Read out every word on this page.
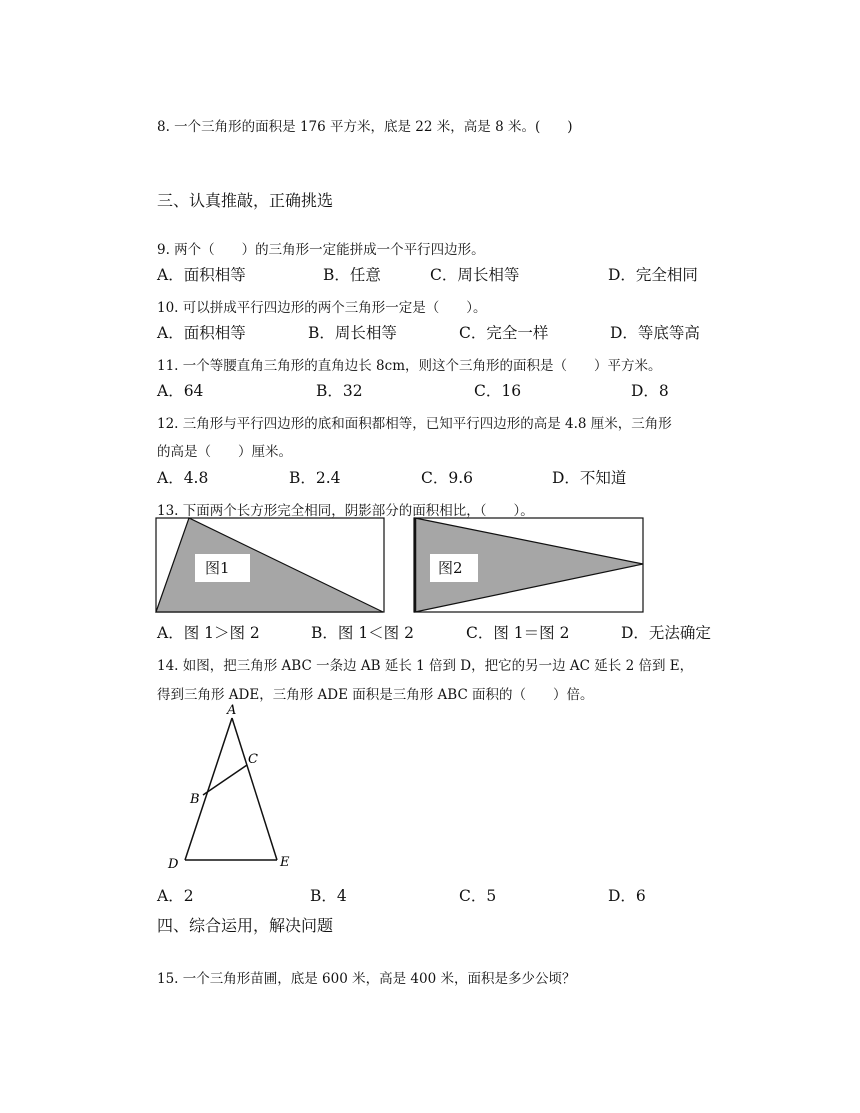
8. 一个三角形的面积是 176 平方米，底是 22 米，高是 8 米。(　　)
三、认真推敲，正确挑选
9. 两个（　　）的三角形一定能拼成一个平行四边形。
A．面积相等	B．任意	C．周长相等	D．完全相同
10. 可以拼成平行四边形的两个三角形一定是（　　）。
A．面积相等	B．周长相等	C．完全一样	D．等底等高
11. 一个等腰直角三角形的直角边长 8cm，则这个三角形的面积是（　　）平方米。
A．64	B．32	C．16	D．8
12. 三角形与平行四边形的底和面积都相等，已知平行四边形的高是 4.8 厘米，三角形
的高是（　　）厘米。
A．4.8	B．2.4	C．9.6	D．不知道
13. 下面两个长方形完全相同，阴影部分的面积相比，（　　）。
图1	图2
A．图 1＞图 2	B．图 1＜图 2	C．图 1＝图 2	D．无法确定
14. 如图，把三角形 ABC 一条边 AB 延长 1 倍到 D，把它的另一边 AC 延长 2 倍到 E，
得到三角形 ADE，三角形 ADE 面积是三角形 ABC 面积的（　　）倍。
A
C
B
D	E
A．2	B．4	C．5	D．6
四、综合运用，解决问题
15. 一个三角形苗圃，底是 600 米，高是 400 米，面积是多少公顷？
